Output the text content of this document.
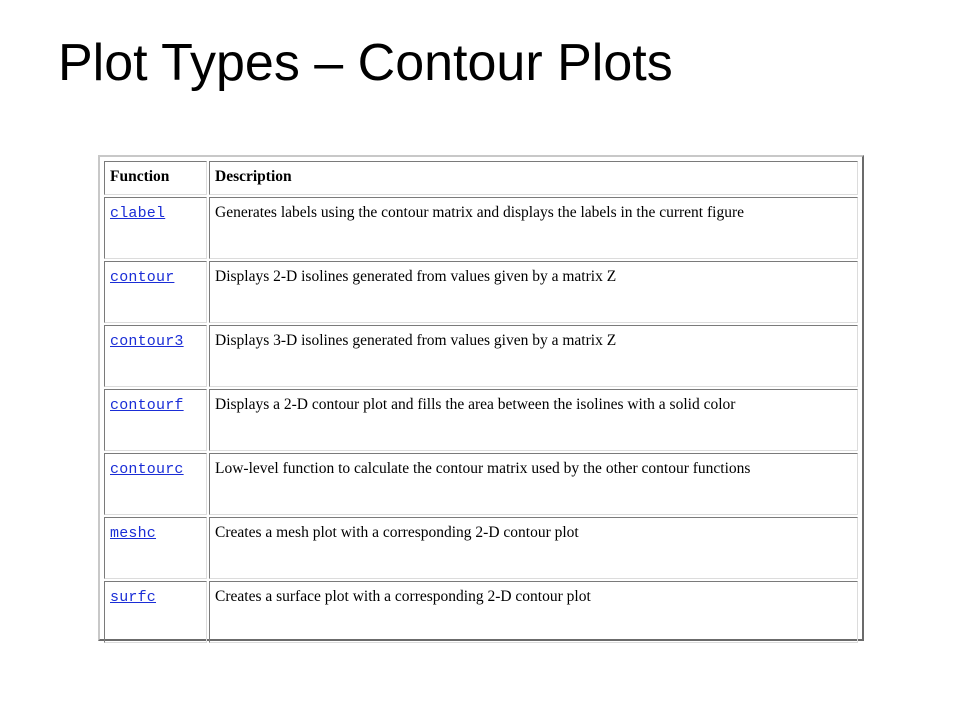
Plot Types – Contour Plots
Function	Description
clabel	Generates labels using the contour matrix and displays the labels in the current figure
contour	Displays 2-D isolines generated from values given by a matrix Z
contour3	Displays 3-D isolines generated from values given by a matrix Z
contourf	Displays a 2-D contour plot and fills the area between the isolines with a solid color
contourc	Low-level function to calculate the contour matrix used by the other contour functions
meshc	Creates a mesh plot with a corresponding 2-D contour plot
surfc	Creates a surface plot with a corresponding 2-D contour plot
